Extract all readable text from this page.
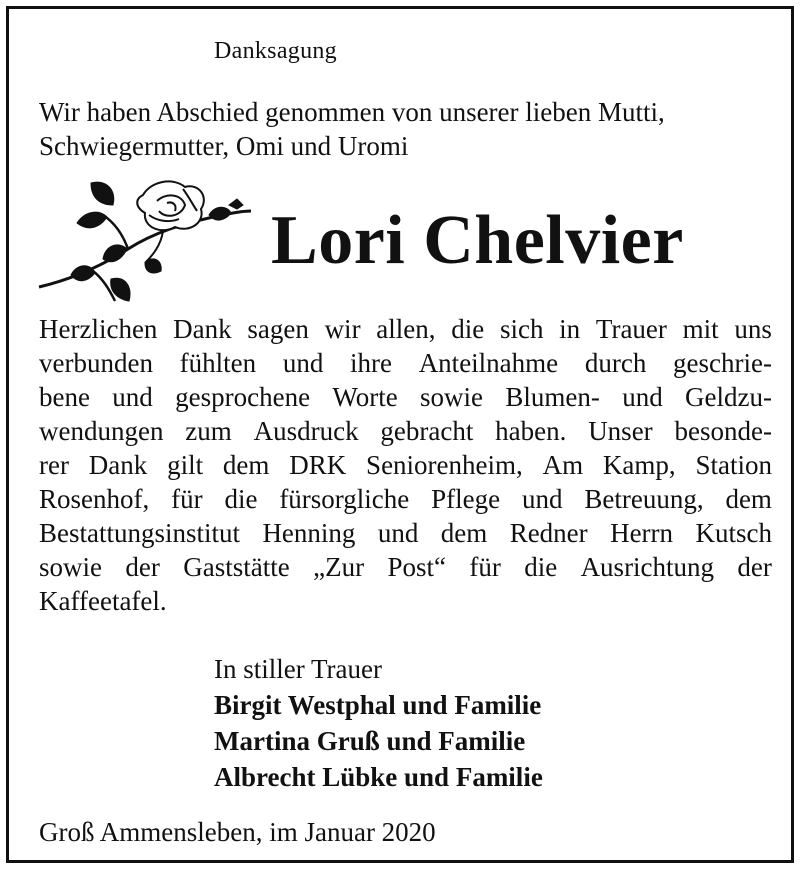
Danksagung
Wir haben Abschied genommen von unserer lieben Mutti,
Schwiegermutter, Omi und Uromi
Lori Chelvier
Herzlichen Dank sagen wir allen, die sich in Trauer mit uns
verbunden fühlten und ihre Anteilnahme durch geschrie-
bene und gesprochene Worte sowie Blumen- und Geldzu-
wendungen zum Ausdruck gebracht haben. Unser besonde-
rer Dank gilt dem DRK Seniorenheim, Am Kamp, Station
Rosenhof, für die fürsorgliche Pflege und Betreuung, dem
Bestattungsinstitut Henning und dem Redner Herrn Kutsch
sowie der Gaststätte „Zur Post“ für die Ausrichtung der
Kaffeetafel.
In stiller Trauer
Birgit Westphal und Familie
Martina Gruß und Familie
Albrecht Lübke und Familie
Groß Ammensleben, im Januar 2020
